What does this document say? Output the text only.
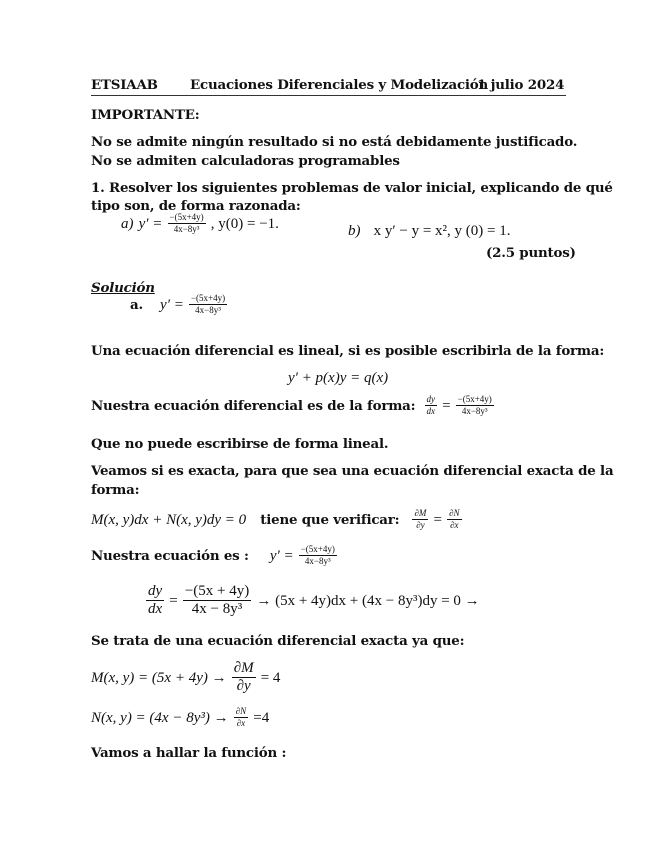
ETSIAAB Ecuaciones Diferenciales y Modelización
1 julio 2024
IMPORTANTE:
No se admite ningún resultado si no está debidamente justificado.
No se admiten calculadoras programables
1. Resolver los siguientes problemas de valor inicial, explicando de qué
tipo son, de forma razonada:
a) $y' = \frac{-(5x+4y)}{\text{4x−8y³}}$ , y(0) = −1.	b) x y′ − y = x², y (0) = 1.
(2.5 puntos)
Solución
a. $y' = \frac{-(5x+4y)}{\text{4x−8y³}}$
Una ecuación diferencial es lineal, si es posible escribirla de la forma:
y′ + p(x)y = q(x)
Nuestra ecuación diferencial es de la forma: $\frac{dy}{dx} = \frac{-(5x+4y)}{\text{4x−8y³}}$
Que no puede escribirse de forma lineal.
Veamos si es exacta, para que sea una ecuación diferencial exacta de la
forma:
M(x, y)dx + N(x, y)dy = 0 tiene que verificar: $\frac{\partial M}{\partial y} = \frac{\partial N}{\partial x}$
Nuestra ecuación es : $y' = \frac{-(5x+4y)}{\text{4x−8y³}}$
$\frac{dy}{dx} = \frac{-(5x + 4y)}{\text{4x − 8y³}} \to (5x + 4y)dx + (4x - 8y^3)dy = 0$ →
Se trata de una ecuación diferencial exacta ya que:
M(x, $y) = (5x + 4y) \to \frac{\partial M}{\partial y} = 4$
N(x, $y) = (4x - 8y^3) \to \frac{\partial N}{\partial x} =4$
Vamos a hallar la función :
